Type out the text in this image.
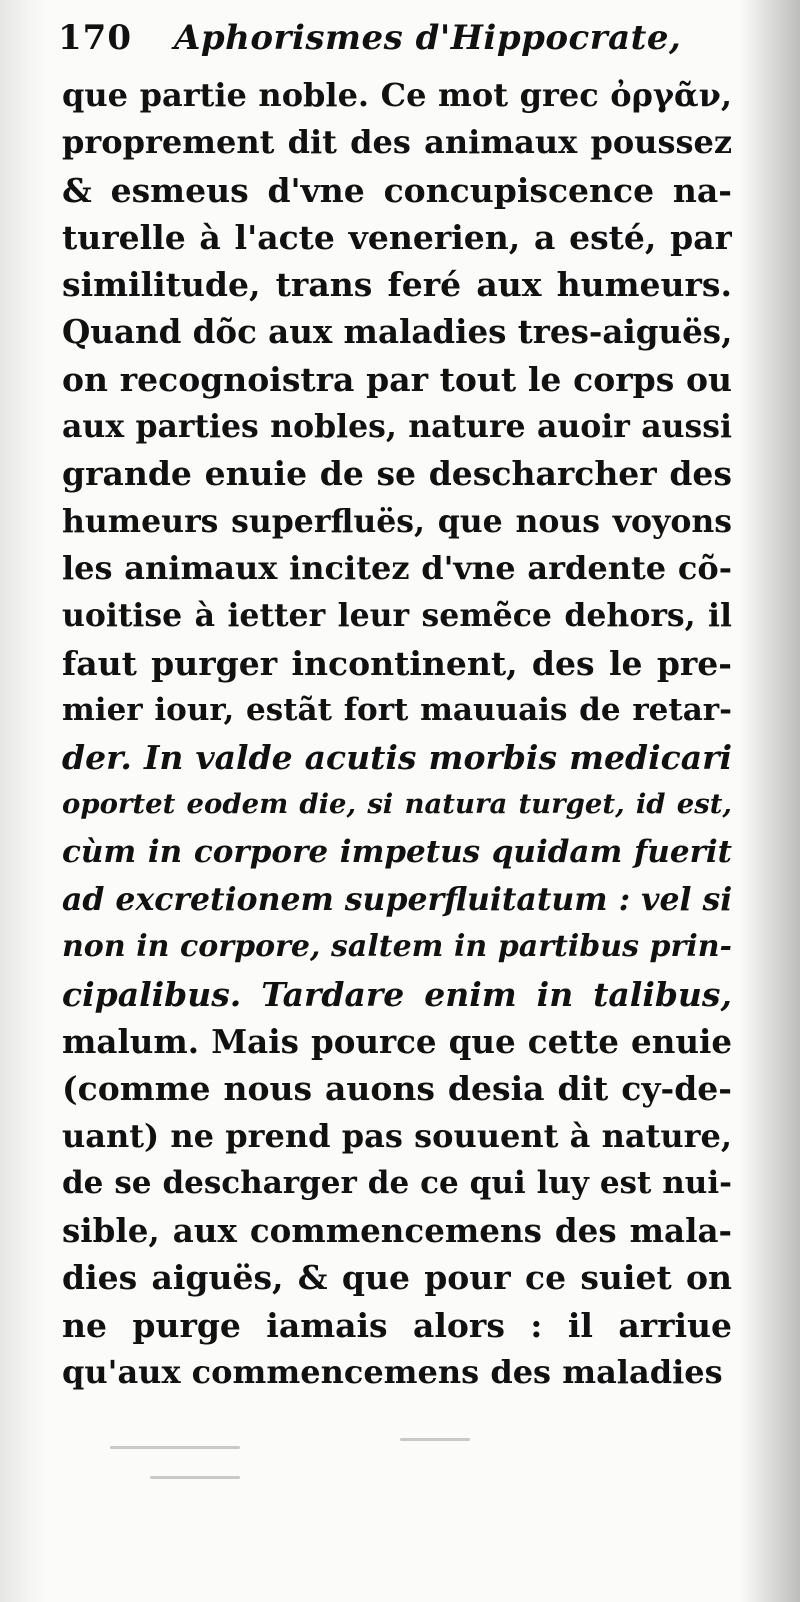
170 Aphorismes d'Hippocrate,
que partie noble. Ce mot grec ὀργᾶν,
proprement dit des animaux poussez
& esmeus d'vne concupiscence na-
turelle à l'acte venerien, a esté, par
similitude, trans feré aux humeurs.
Quand dõc aux maladies tres-aiguës,
on recognoistra par tout le corps ou
aux parties nobles, nature auoir aussi
grande enuie de se descharcher des
humeurs superfluës, que nous voyons
les animaux incitez d'vne ardente cõ-
uoitise à ietter leur semẽce dehors, il
faut purger incontinent, des le pre-
mier iour, estãt fort mauuais de retar-
der. In valde acutis morbis medicari
oportet eodem die, si natura turget, id est,
cùm in corpore impetus quidam fuerit
ad excretionem superfluitatum : vel si
non in corpore, saltem in partibus prin-
cipalibus. Tardare enim in talibus,
malum. Mais pource que cette enuie
(comme nous auons desia dit cy-de-
uant) ne prend pas souuent à nature,
de se descharger de ce qui luy est nui-
sible, aux commencemens des mala-
dies aiguës, & que pour ce suiet on
ne purge iamais alors : il arriue
qu'aux commencemens des maladies
